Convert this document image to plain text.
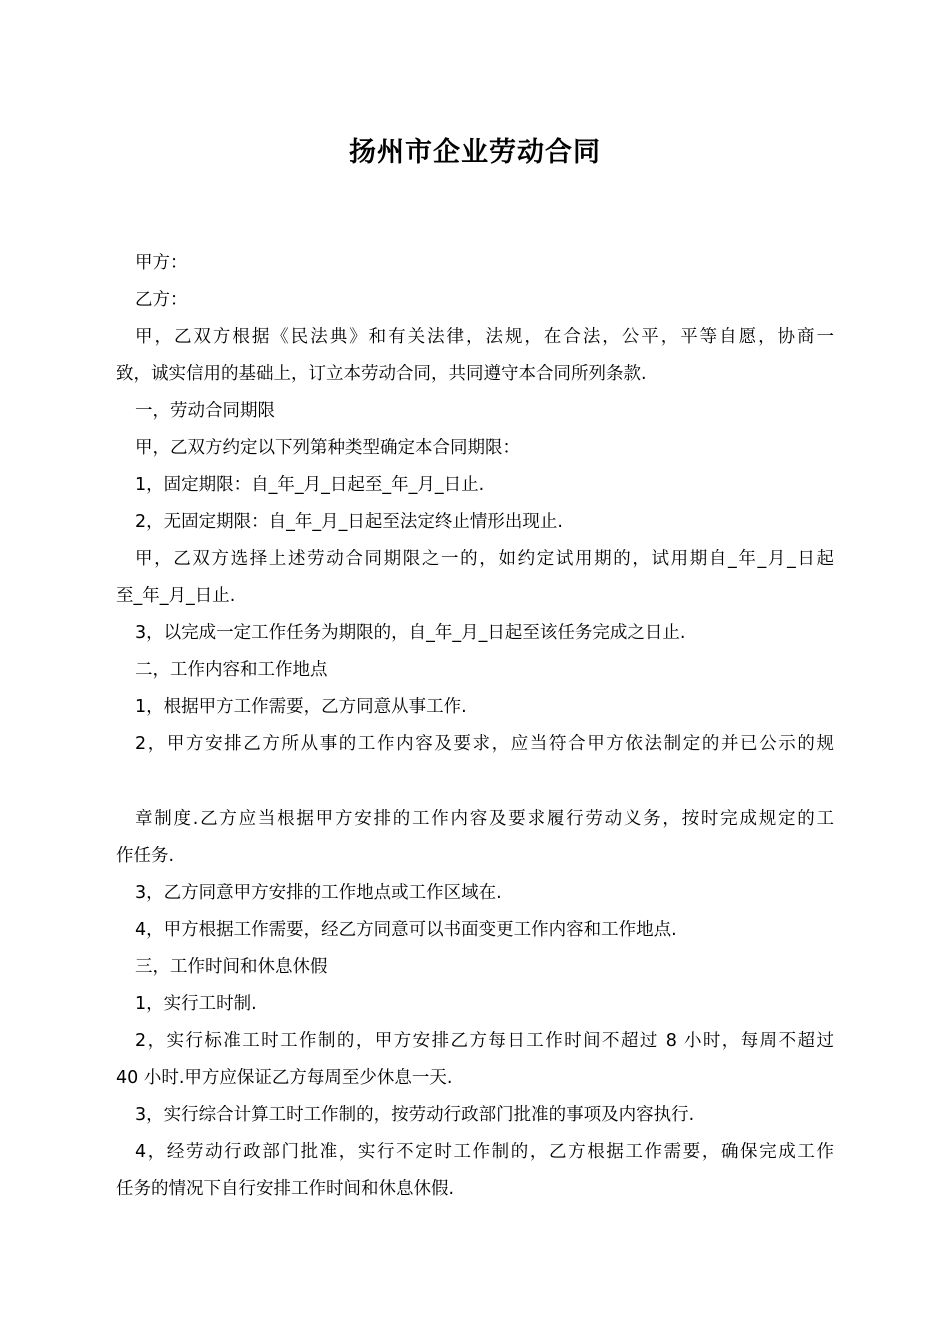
扬州市企业劳动合同
甲方：
乙方：
甲，乙双方根据《民法典》和有关法律，法规，在合法，公平，平等自愿，协商一
致，诚实信用的基础上，订立本劳动合同，共同遵守本合同所列条款.
一，劳动合同期限
甲，乙双方约定以下列第种类型确定本合同期限：
1，固定期限：自_年_月_日起至_年_月_日止.
2，无固定期限：自_年_月_日起至法定终止情形出现止.
甲，乙双方选择上述劳动合同期限之一的，如约定试用期的，试用期自_年_月_日起
至_年_月_日止.
3，以完成一定工作任务为期限的，自_年_月_日起至该任务完成之日止.
二，工作内容和工作地点
1，根据甲方工作需要，乙方同意从事工作.
2，甲方安排乙方所从事的工作内容及要求，应当符合甲方依法制定的并已公示的规
章制度.乙方应当根据甲方安排的工作内容及要求履行劳动义务，按时完成规定的工
作任务.
3，乙方同意甲方安排的工作地点或工作区域在.
4，甲方根据工作需要，经乙方同意可以书面变更工作内容和工作地点.
三，工作时间和休息休假
1，实行工时制.
2，实行标准工时工作制的，甲方安排乙方每日工作时间不超过 8 小时，每周不超过
40 小时.甲方应保证乙方每周至少休息一天.
3，实行综合计算工时工作制的，按劳动行政部门批准的事项及内容执行.
4，经劳动行政部门批准，实行不定时工作制的，乙方根据工作需要，确保完成工作
任务的情况下自行安排工作时间和休息休假.
